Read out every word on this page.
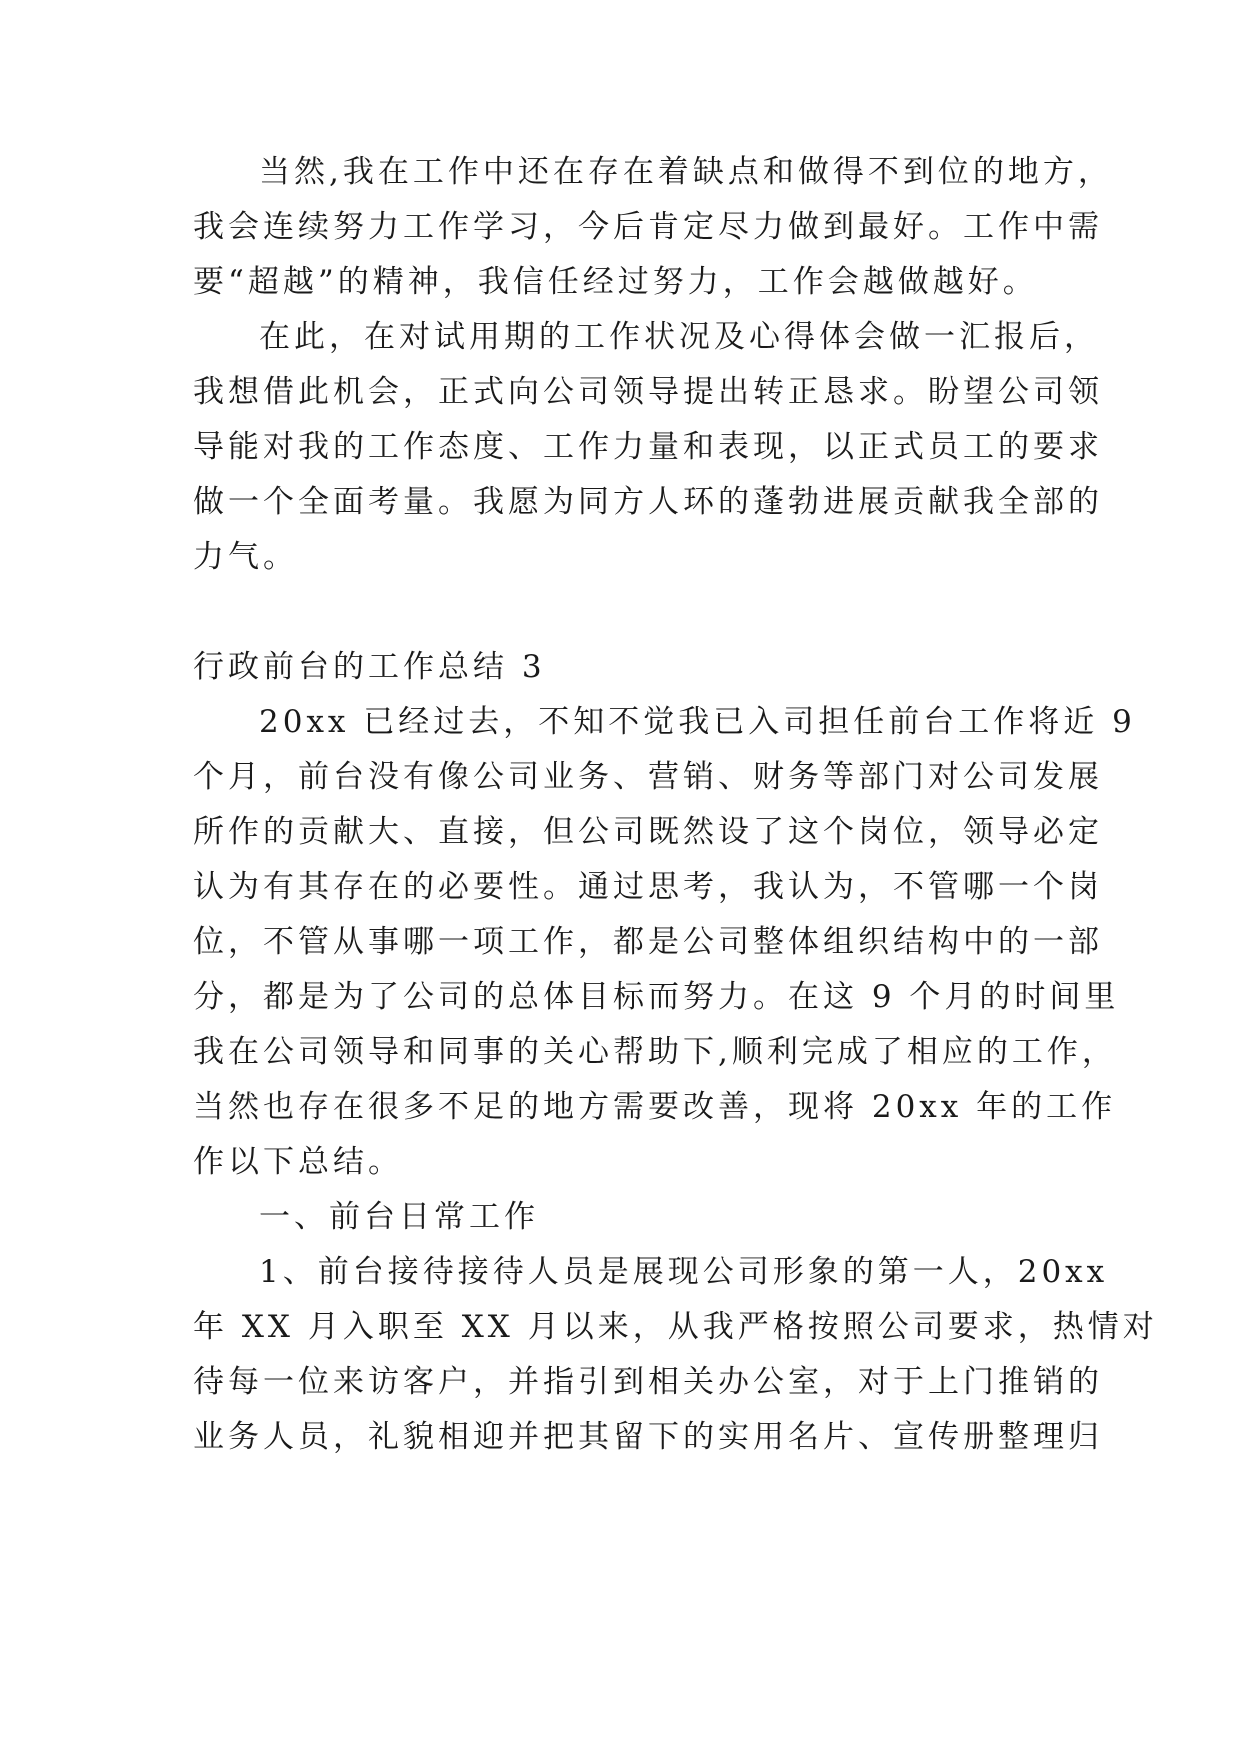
当然,我在工作中还在存在着缺点和做得不到位的地方，

我会连续努力工作学习，今后肯定尽力做到最好。工作中需

要“超越”的精神，我信任经过努力，工作会越做越好。

在此，在对试用期的工作状况及心得体会做一汇报后，

我想借此机会，正式向公司领导提出转正恳求。盼望公司领

导能对我的工作态度、工作力量和表现，以正式员工的要求

做一个全面考量。我愿为同方人环的蓬勃进展贡献我全部的

力气。

行政前台的工作总结 3

20xx 已经过去，不知不觉我已入司担任前台工作将近 9

个月，前台没有像公司业务、营销、财务等部门对公司发展

所作的贡献大、直接，但公司既然设了这个岗位，领导必定

认为有其存在的必要性。通过思考，我认为，不管哪一个岗

位，不管从事哪一项工作，都是公司整体组织结构中的一部

分，都是为了公司的总体目标而努力。在这 9 个月的时间里

我在公司领导和同事的关心帮助下,顺利完成了相应的工作，

当然也存在很多不足的地方需要改善，现将 20xx 年的工作

作以下总结。

一、前台日常工作

1、前台接待接待人员是展现公司形象的第一人，20xx

年 XX 月入职至 XX 月以来，从我严格按照公司要求，热情对

待每一位来访客户，并指引到相关办公室，对于上门推销的

业务人员，礼貌相迎并把其留下的实用名片、宣传册整理归
